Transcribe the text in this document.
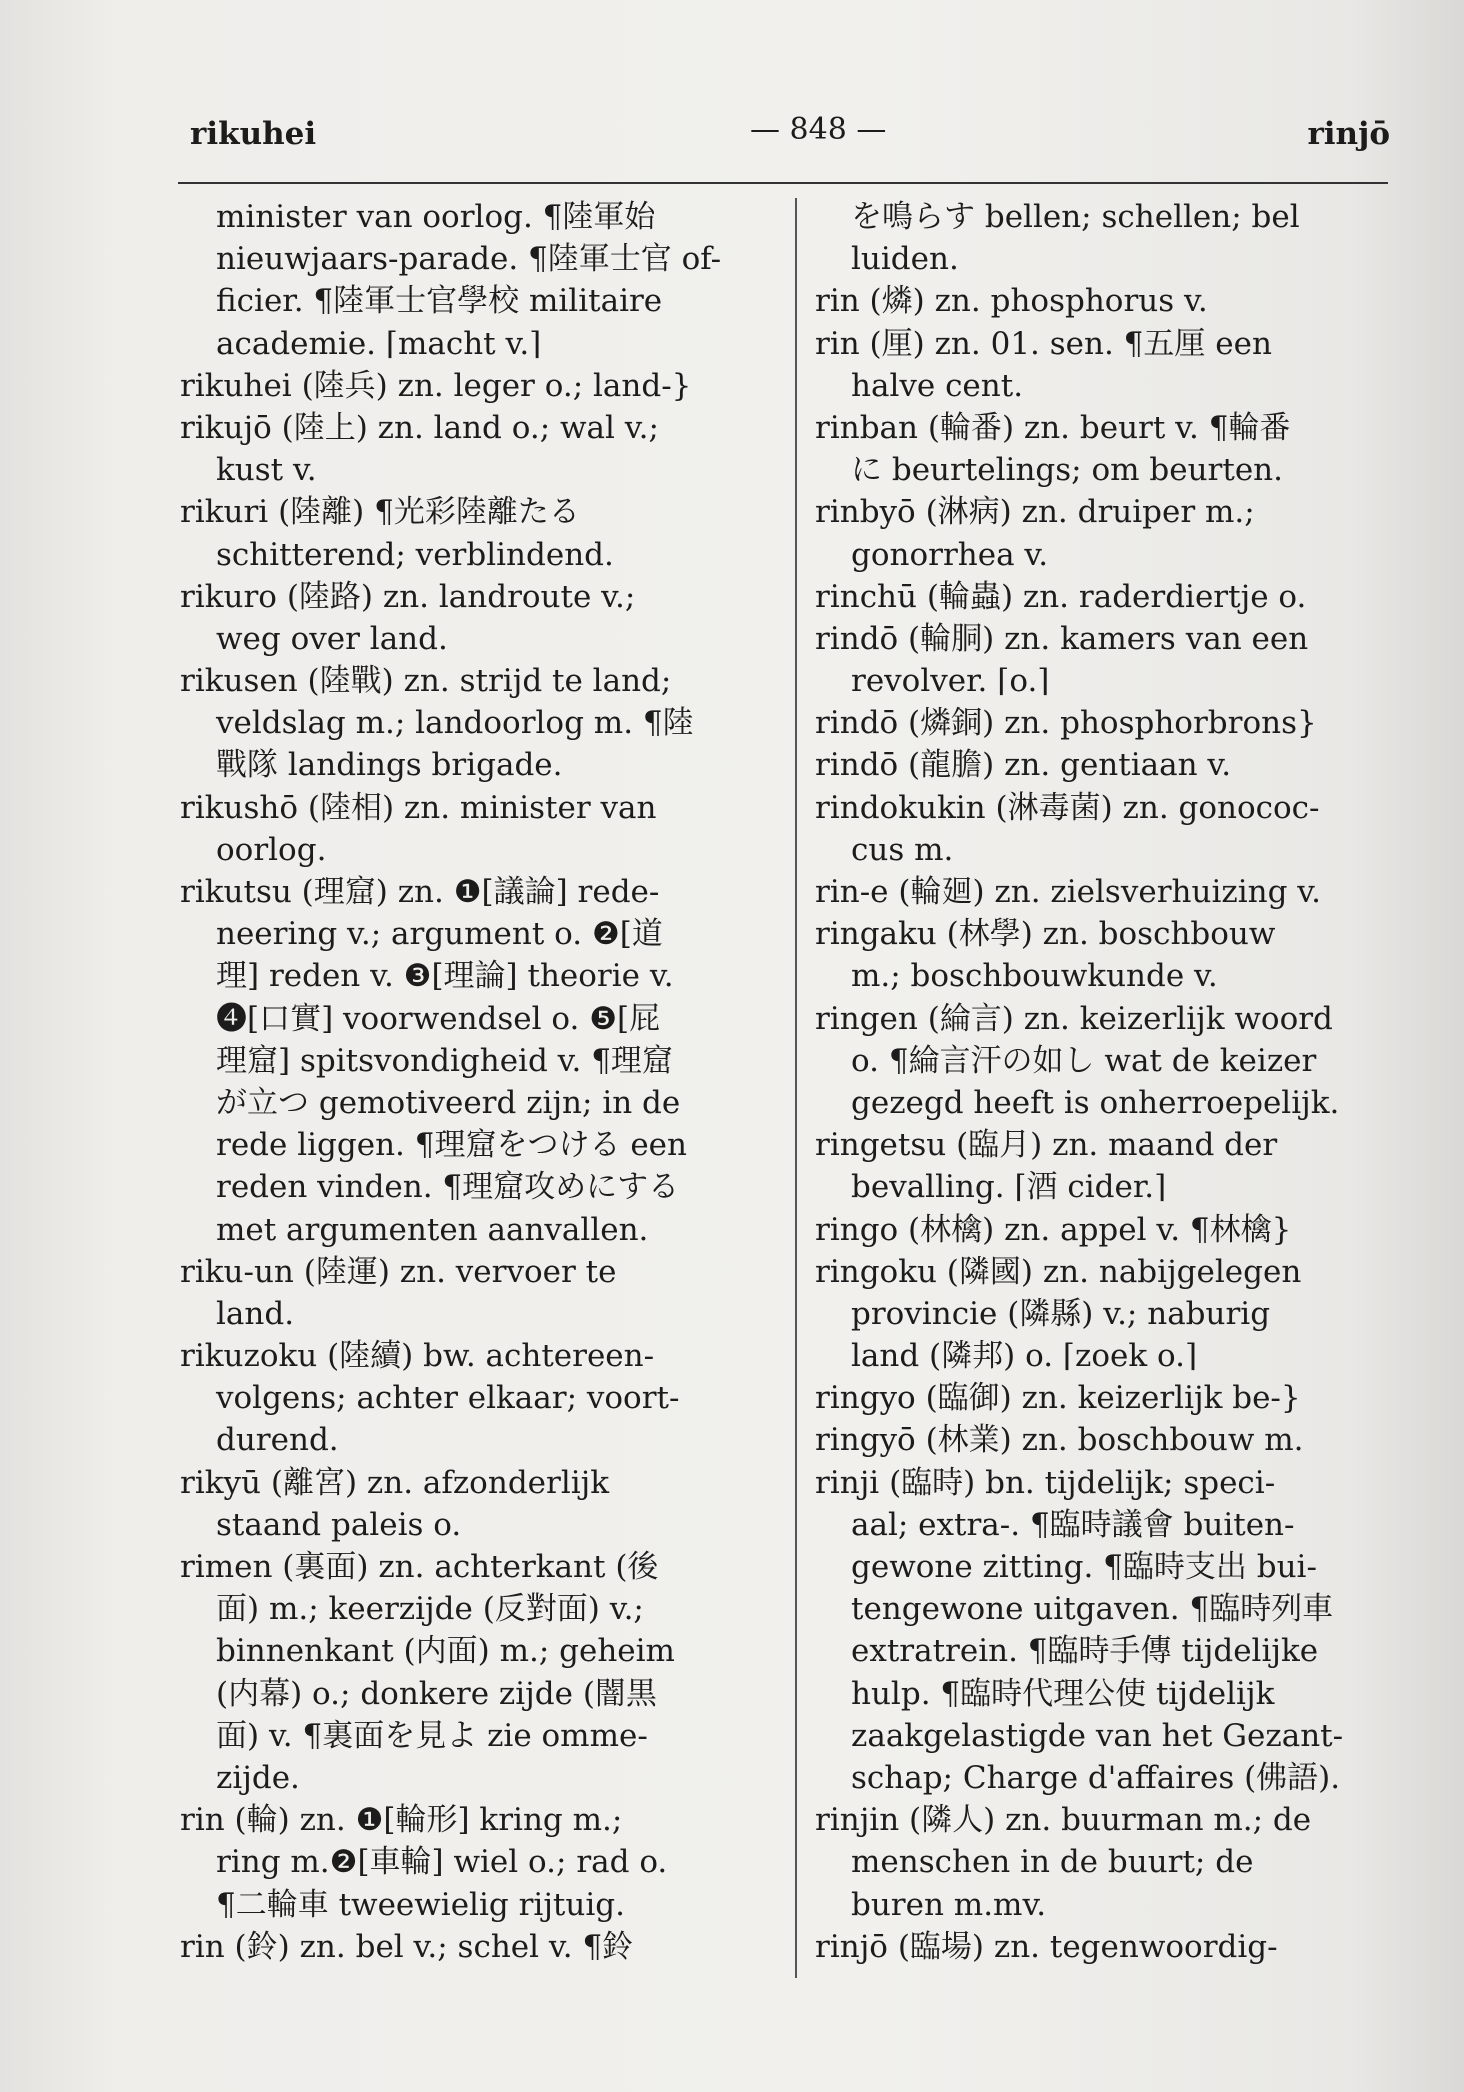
rikuhei	— 848 —	rinjō
minister van oorlog. ¶陸軍始
nieuwjaars-parade. ¶陸軍士官 of-
ficier. ¶陸軍士官學校 militaire
academie. ⌈macht v.⌉
rikuhei (陸兵) zn. leger o.; land-}
rikujō (陸上) zn. land o.; wal v.;
kust v.
rikuri (陸離) ¶光彩陸離たる
schitterend; verblindend.
rikuro (陸路) zn. landroute v.;
weg over land.
rikusen (陸戰) zn. strijd te land;
veldslag m.; landoorlog m. ¶陸
戰隊 landings brigade.
rikushō (陸相) zn. minister van
oorlog.
rikutsu (理窟) zn. ❶[議論] rede-
neering v.; argument o. ❷[道
理] reden v. ❸[理論] theorie v.
❹[口實] voorwendsel o. ❺[屁
理窟] spitsvondigheid v. ¶理窟
が立つ gemotiveerd zijn; in de
rede liggen. ¶理窟をつける een
reden vinden. ¶理窟攻めにする
met argumenten aanvallen.
riku-un (陸運) zn. vervoer te
land.
rikuzoku (陸續) bw. achtereen-
volgens; achter elkaar; voort-
durend.
rikyū (離宮) zn. afzonderlijk
staand paleis o.
rimen (裏面) zn. achterkant (後
面) m.; keerzijde (反對面) v.;
binnenkant (内面) m.; geheim
(内幕) o.; donkere zijde (闇黒
面) v. ¶裏面を見よ zie omme-
zijde.
rin (輪) zn. ❶[輪形] kring m.;
ring m.❷[車輪] wiel o.; rad o.
¶二輪車 tweewielig rijtuig.
rin (鈴) zn. bel v.; schel v. ¶鈴
を鳴らす bellen; schellen; bel
luiden.
rin (燐) zn. phosphorus v.
rin (厘) zn. 01. sen. ¶五厘 een
halve cent.
rinban (輪番) zn. beurt v. ¶輪番
に beurtelings; om beurten.
rinbyō (淋病) zn. druiper m.;
gonorrhea v.
rinchū (輪蟲) zn. raderdiertje o.
rindō (輪胴) zn. kamers van een
revolver. ⌈o.⌉
rindō (燐銅) zn. phosphorbrons}
rindō (龍膽) zn. gentiaan v.
rindokukin (淋毒菌) zn. gonococ-
cus m.
rin-e (輪廻) zn. zielsverhuizing v.
ringaku (林學) zn. boschbouw
m.; boschbouwkunde v.
ringen (綸言) zn. keizerlijk woord
o. ¶綸言汗の如し wat de keizer
gezegd heeft is onherroepelijk.
ringetsu (臨月) zn. maand der
bevalling. ⌈酒 cider.⌉
ringo (林檎) zn. appel v. ¶林檎}
ringoku (隣國) zn. nabijgelegen
provincie (隣縣) v.; naburig
land (隣邦) o. ⌈zoek o.⌉
ringyo (臨御) zn. keizerlijk be-}
ringyō (林業) zn. boschbouw m.
rinji (臨時) bn. tijdelijk; speci-
aal; extra-. ¶臨時議會 buiten-
gewone zitting. ¶臨時支出 bui-
tengewone uitgaven. ¶臨時列車
extratrein. ¶臨時手傳 tijdelijke
hulp. ¶臨時代理公使 tijdelijk
zaakgelastigde van het Gezant-
schap; Charge d'affaires (佛語).
rinjin (隣人) zn. buurman m.; de
menschen in de buurt; de
buren m.mv.
rinjō (臨場) zn. tegenwoordig-
